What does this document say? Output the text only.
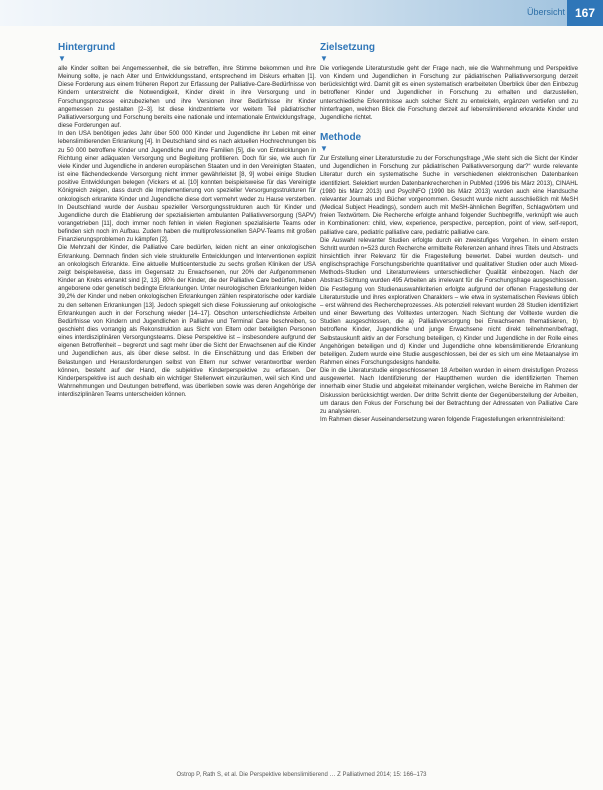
Übersicht 167
Hintergrund
▼

alle Kinder sollten bei Angemessenheit, die sie betreffen, ihre Stimme bekommen und ihre Meinung sollte, je nach Alter und Entwicklungsstand, entsprechend im Diskurs erhalten [1]. Diese Forderung aus einem früheren Report zur Erfassung der Palliative-Care-Bedürfnisse von Kindern unterstreicht die Notwendigkeit, Kinder direkt in ihre Versorgung und in Forschungsprozesse einzubeziehen und ihre Versionen ihrer Bedürfnisse ihr Kinder angemessen zu gestalten [2–3]. Ist diese kindzentrierte vor weitem Teil pädiatrischer Palliativversorgung und Forschung bereits eine nationale und internationale Entwicklungsfrage, diese Forderungen auf.

In den USA benötigen jedes Jahr über 500 000 Kinder und Jugendliche ihr Leben mit einer lebenslimitierenden Erkrankung [4]. In Deutschland sind es nach aktuellen Hochrechnungen bis zu 50 000 betroffene Kinder und Jugendliche und ihre Familien [5], die von Entwicklungen in Richtung einer adäquaten Versorgung und Begleitung profitieren. Doch für sie, wie auch für viele Kinder und Jugendliche in anderen europäischen Staaten und in den Vereinigten Staaten, ist eine flächendeckende Versorgung nicht immer gewährleistet [8, 9] wobei einige Studien positive Entwicklungen belegen (Vickers et al. [10] konnten beispielsweise für das Vereinigte Königreich zeigen, dass durch die Implementierung von spezieller Versorgungsstrukturen für onkologisch erkrankte Kinder und Jugendliche diese dort vermehrt weder zu Hause versterben. In Deutschland wurde der Ausbau spezieller Versorgungsstrukturen auch für Kinder und Jugendliche durch die Etablierung der spezialisierten ambulanten Palliativversorgung (SAPV) vorangetrieben [11], doch immer noch fehlen in vielen Regionen spezialisierte Teams oder befinden sich noch im Aufbau. Zudem haben die multiprofessionellen SAPV-Teams mit großen Finanzierungsproblemen zu kämpfen [2].

Die Mehrzahl der Kinder, die Palliative Care bedürfen, leiden nicht an einer onkologischen Erkrankung. Demnach finden sich viele strukturelle Entwicklungen und Interventionen explizit an onkologisch Erkrankte. Eine aktuelle Multicenterstudie zu sechs großen Kliniken der USA zeigt beispielsweise, dass im Gegensatz zu Erwachsenen, nur 20% der Aufgenommenen Kinder an Krebs erkrankt sind [2, 13]. 80% der Kinder, die der Palliative Care bedürfen, haben angeborene oder genetisch bedingte Erkrankungen. Unter neurologischen Erkrankungen leiden 39,2% der Kinder und neben onkologischen Erkrankungen zählen respiratorische oder kardiale zu den seltenen Erkrankungen [13]. Jedoch spiegelt sich diese Fokussierung auf onkologische Erkrankungen auch in der Forschung wieder [14–17]. Obschon unterschiedlichste Arbeiten Bedürfnisse von Kindern und Jugendlichen in Palliative und Terminal Care beschreiben, so geschieht dies vorrangig als Rekonstruktion aus Sicht von Eltern oder beteiligten Personen eines interdisziplinären Versorgungsteams. Diese Perspektive ist – insbesondere aufgrund der eigenen Betroffenheit – begrenzt und sagt mehr über die Sicht der Erwachsenen auf die Kinder und Jugendlichen aus, als über diese selbst. In die Einschätzung und das Erleben der Belastungen und Herausforderungen selbst von Eltern nur schwer verantwortbar werden können, besteht auf der Hand, die subjektive Kinderperspektive zu erfassen. Der Kinderperspektive ist auch deshalb ein wichtiger Stellenwert einzuräumen, weil sich Kind und Wahrnehmungen und Deutungen betreffend, was überlieben sowie was deren Angehörige der interdisziplinären Teams unterscheiden können.

Zielsetzung
▼

Die vorliegende Literaturstudie geht der Frage nach, wie die Wahrnehmung und Perspektive von Kindern und Jugendlichen in Forschung zur pädiatrischen Palliativversorgung derzeit berücksichtigt wird. Damit gilt es einen systematisch erarbeiteten Überblick über den Einbezug betroffener Kinder und Jugendlicher in Forschung zu erhalten und darzustellen, unterschiedliche Erkenntnisse auch solcher Sicht zu entwickeln, ergänzen vertiefen und zu hinterfragen, welchen Blick die Forschung derzeit auf lebenslimitierend erkrankte Kinder und Jugendliche richtet.

Methode
▼

Zur Erstellung einer Literaturstudie zu der Forschungsfrage „Wie steht sich die Sicht der Kinder und Jugendlichen in Forschung zur pädiatrischen Palliativversorgung dar?“ wurde relevante Literatur durch ein systematische Suche in verschiedenen elektronischen Datenbanken identifiziert. Selektiert wurden Datenbankrecherchen in PubMed (1996 bis März 2013), CINAHL (1980 bis März 2013) und PsycINFO (1990 bis März 2013) wurden auch eine Handsuche relevanter Journals und Bücher vorgenommen. Gesucht wurde nicht ausschließlich mit MeSH (Medical Subject Headings), sondern auch mit MeSH-ähnlichen Begriffen, Schlagwörtern und freien Textwörtern. Die Recherche erfolgte anhand folgender Suchbegriffe, verknüpft wie auch in Kombinationen: child, view, experience, perspective, perception, point of view, self-report, palliative care, pediatric palliative care, pediatric palliative care.

Die Auswahl relevanter Studien erfolgte durch ein zweistufiges Vorgehen. In einem ersten Schritt wurden n=523 durch Recherche ermittelte Referenzen anhand ihres Titels und Abstracts hinsichtlich ihrer Relevanz für die Fragestellung bewertet. Dabei wurden deutsch- und englischsprachige Forschungsberichte quantitativer und qualitativer Studien oder auch Mixed-Methods-Studien und Literaturreviews unterschiedlicher Qualität einbezogen. Nach der Abstract-Sichtung wurden 495 Arbeiten als irrelevant für die Forschungsfrage ausgeschlossen. Die Festlegung von Studienauswahlkriterien erfolgte aufgrund der offenen Fragestellung der Literaturstudie und ihres explorativen Charakters – wie etwa in systematischen Reviews üblich – erst während des Rechercheprozesses. Als potenziell relevant wurden 28 Studien identifiziert und einer Bewertung des Volltextes unterzogen. Nach Sichtung der Volltexte wurden die Studien ausgeschlossen, die a) Palliativversorgung bei Erwachsenen thematisieren, b) betroffene Kinder, Jugendliche und junge Erwachsene nicht direkt teilnehmen/befragt, Selbstauskunft aktiv an der Forschung beteiligen, c) Kinder und Jugendliche in der Rolle eines Angehörigen beteiligen und d) Kinder und Jugendliche ohne lebenslimitierende Erkrankung beteiligen. Zudem wurde eine Studie ausgeschlossen, bei der es sich um eine Metaanalyse im Rahmen eines Forschungsdesigns handelte.

Die in die Literaturstudie eingeschlossenen 18 Arbeiten wurden in einem dreistufigen Prozess ausgewertet. Nach Identifizierung der Hauptthemen wurden die identifizierten Themen innerhalb einer Studie und abgeleitet miteinander verglichen, welche Bereiche im Rahmen der Diskussion berücksichtigt werden. Der dritte Schritt diente der Gegenüberstellung der Arbeiten, um daraus den Fokus der Forschung bei der Betrachtung der Adressaten von Palliative Care zu analysieren.

Im Rahmen dieser Auseinandersetzung waren folgende Fragestellungen erkenntnisleitend:

Ostrop P, Rath S, et al. Die Perspektive lebenslimitierend … Z Palliativmed 2014; 15: 166–173
